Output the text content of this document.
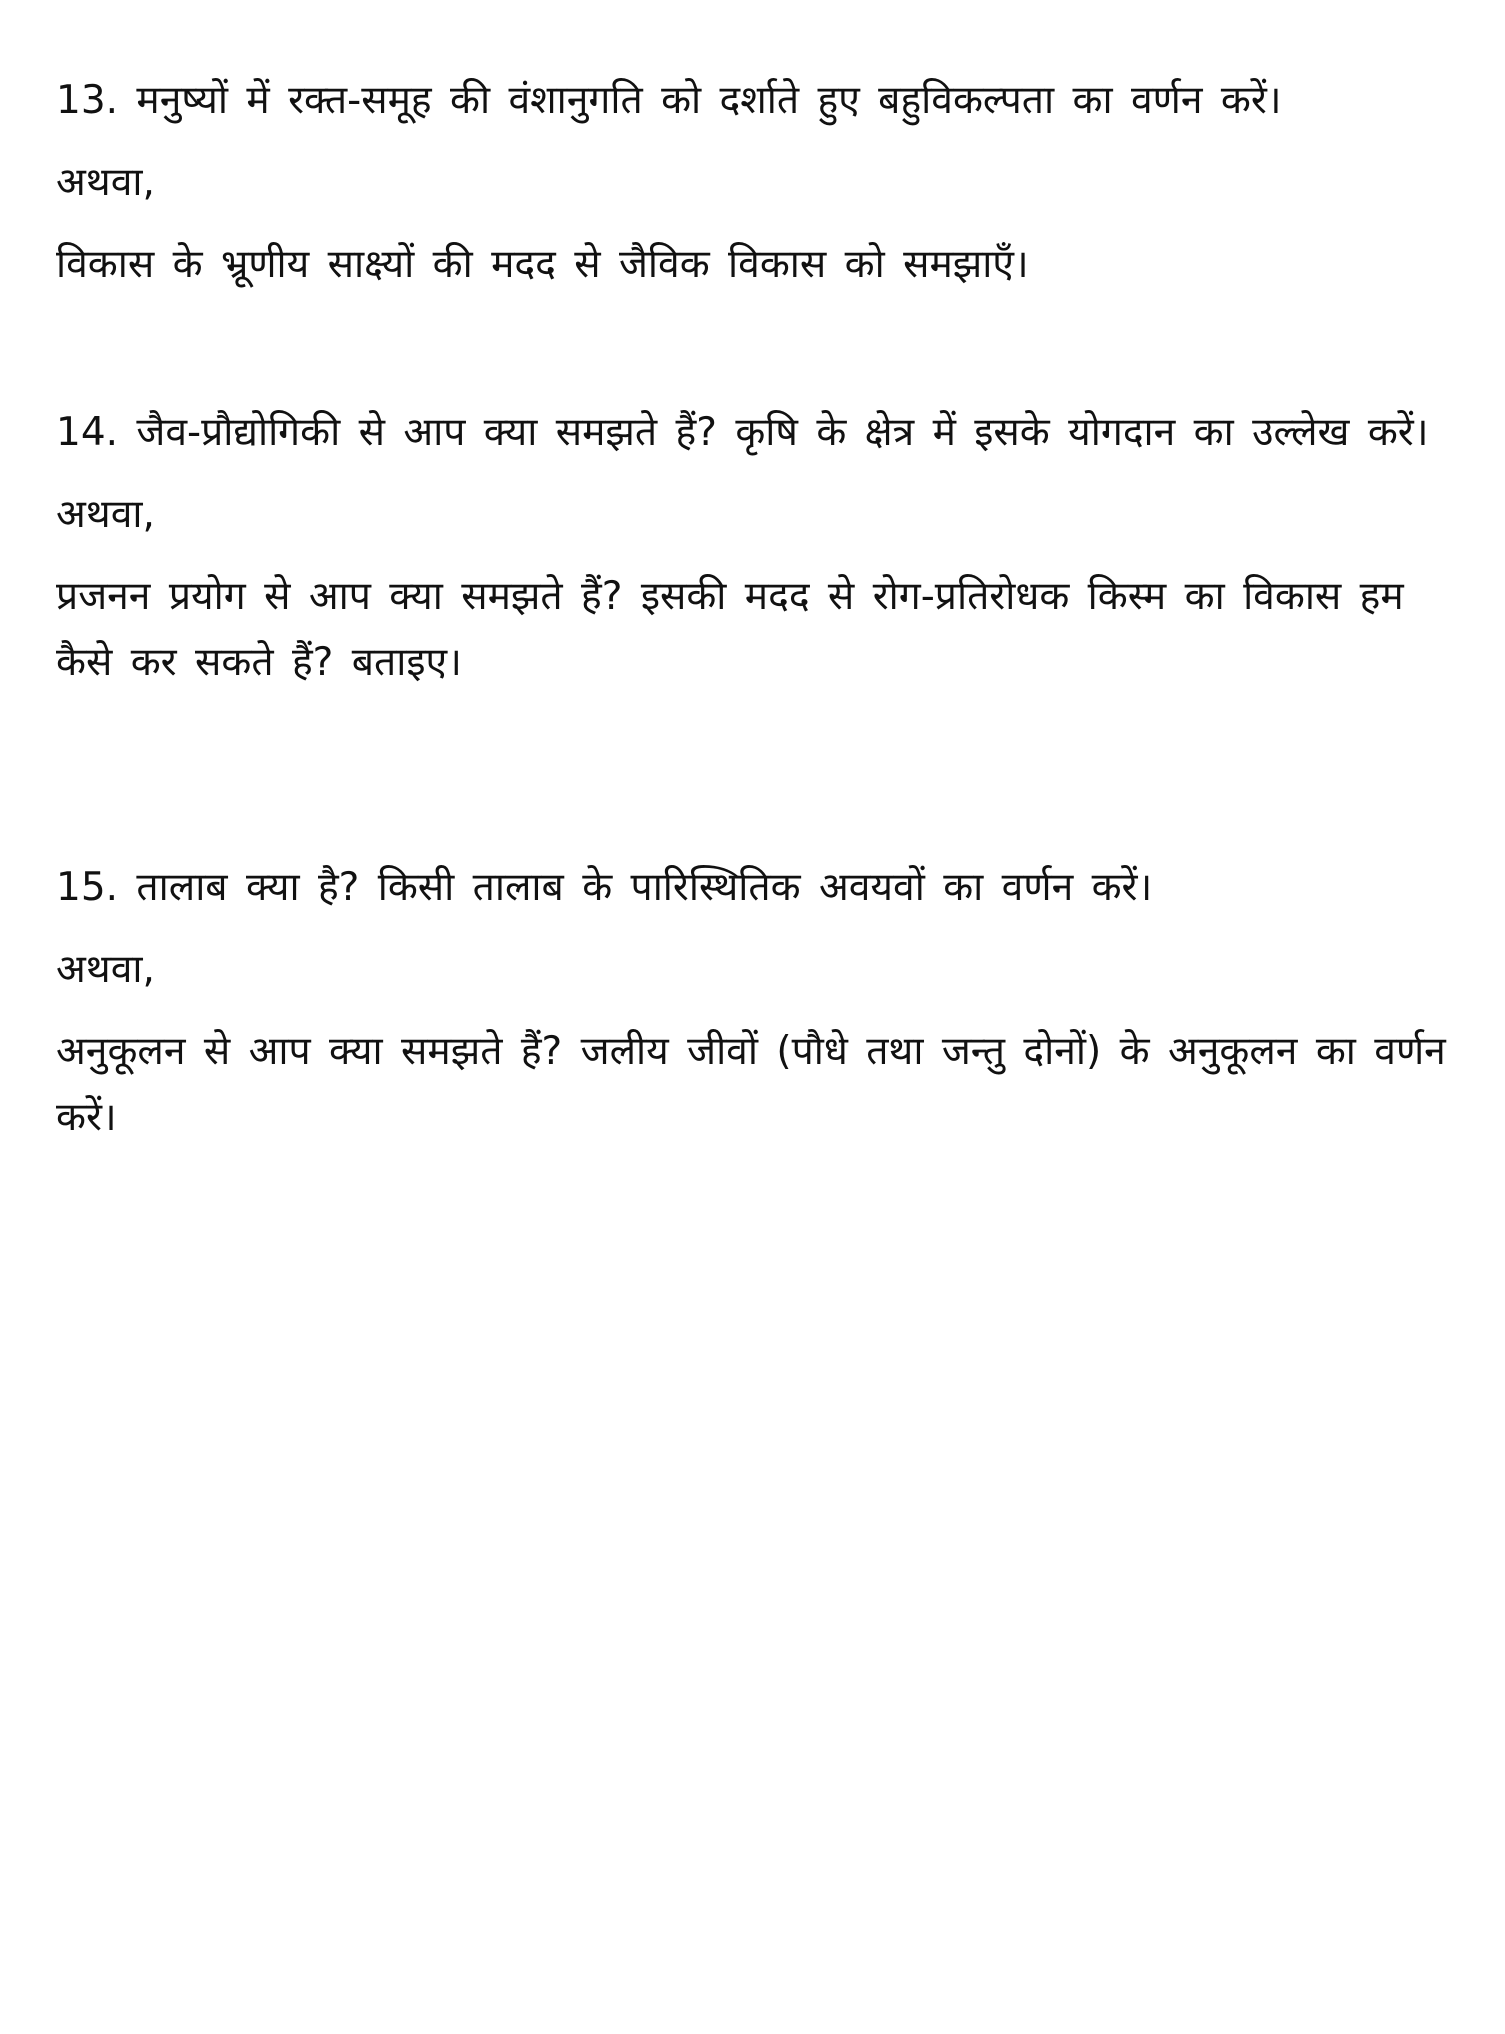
13. मनुष्यों में रक्त-समूह की वंशानुगति को दर्शाते हुए बहुविकल्पता का वर्णन करें।

अथवा,

विकास के भ्रूणीय साक्ष्यों की मदद से जैविक विकास को समझाएँ।

14. जैव-प्रौद्योगिकी से आप क्या समझते हैं? कृषि के क्षेत्र में इसके योगदान का उल्लेख करें।

अथवा,

प्रजनन प्रयोग से आप क्या समझते हैं? इसकी मदद से रोग-प्रतिरोधक किस्म का विकास हम कैसे कर सकते हैं? बताइए।

15. तालाब क्या है? किसी तालाब के पारिस्थितिक अवयवों का वर्णन करें।

अथवा,

अनुकूलन से आप क्या समझते हैं? जलीय जीवों (पौधे तथा जन्तु दोनों) के अनुकूलन का वर्णन करें।
